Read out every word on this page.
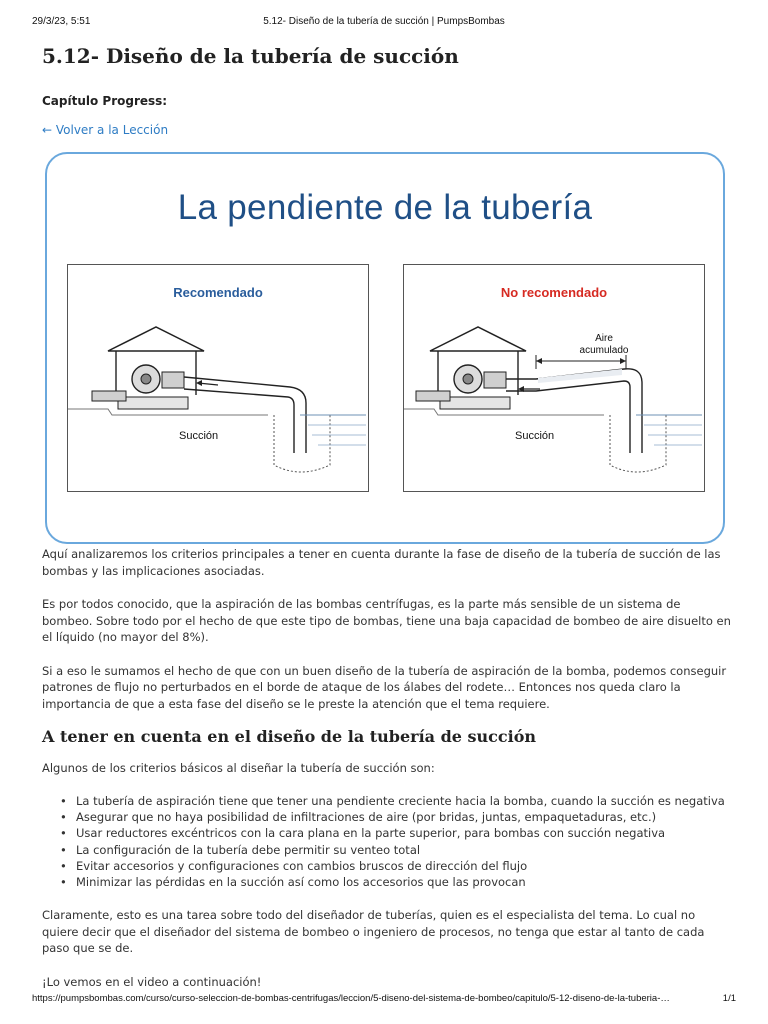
29/3/23, 5:51	5.12- Diseño de la tubería de succión | PumpsBombas
5.12- Diseño de la tubería de succión
Capítulo Progress:
← Volver a la Lección
La pendiente de la tubería
Recomendado
Succión
No recomendado
Aire
acumulado
Succión

Aquí analizaremos los criterios principales a tener en cuenta durante la fase de diseño de la tubería de succión de las bombas y las implicaciones asociadas.

Es por todos conocido, que la aspiración de las bombas centrífugas, es la parte más sensible de un sistema de bombeo. Sobre todo por el hecho de que este tipo de bombas, tiene una baja capacidad de bombeo de aire disuelto en el líquido (no mayor del 8%).

Si a eso le sumamos el hecho de que con un buen diseño de la tubería de aspiración de la bomba, podemos conseguir patrones de flujo no perturbados en el borde de ataque de los álabes del rodete… Entonces nos queda claro la importancia de que a esta fase del diseño se le preste la atención que el tema requiere.

A tener en cuenta en el diseño de la tubería de succión

Algunos de los criterios básicos al diseñar la tubería de succión son:

• La tubería de aspiración tiene que tener una pendiente creciente hacia la bomba, cuando la succión es negativa
• Asegurar que no haya posibilidad de infiltraciones de aire (por bridas, juntas, empaquetaduras, etc.)
• Usar reductores excéntricos con la cara plana en la parte superior, para bombas con succión negativa
• La configuración de la tubería debe permitir su venteo total
• Evitar accesorios y configuraciones con cambios bruscos de dirección del flujo
• Minimizar las pérdidas en la succión así como los accesorios que las provocan

Claramente, esto es una tarea sobre todo del diseñador de tuberías, quien es el especialista del tema. Lo cual no quiere decir que el diseñador del sistema de bombeo o ingeniero de procesos, no tenga que estar al tanto de cada paso que se de.

¡Lo vemos en el video a continuación!

https://pumpsbombas.com/curso/curso-seleccion-de-bombas-centrifugas/leccion/5-diseno-del-sistema-de-bombeo/capitulo/5-12-diseno-de-la-tuberia-…	1/1
